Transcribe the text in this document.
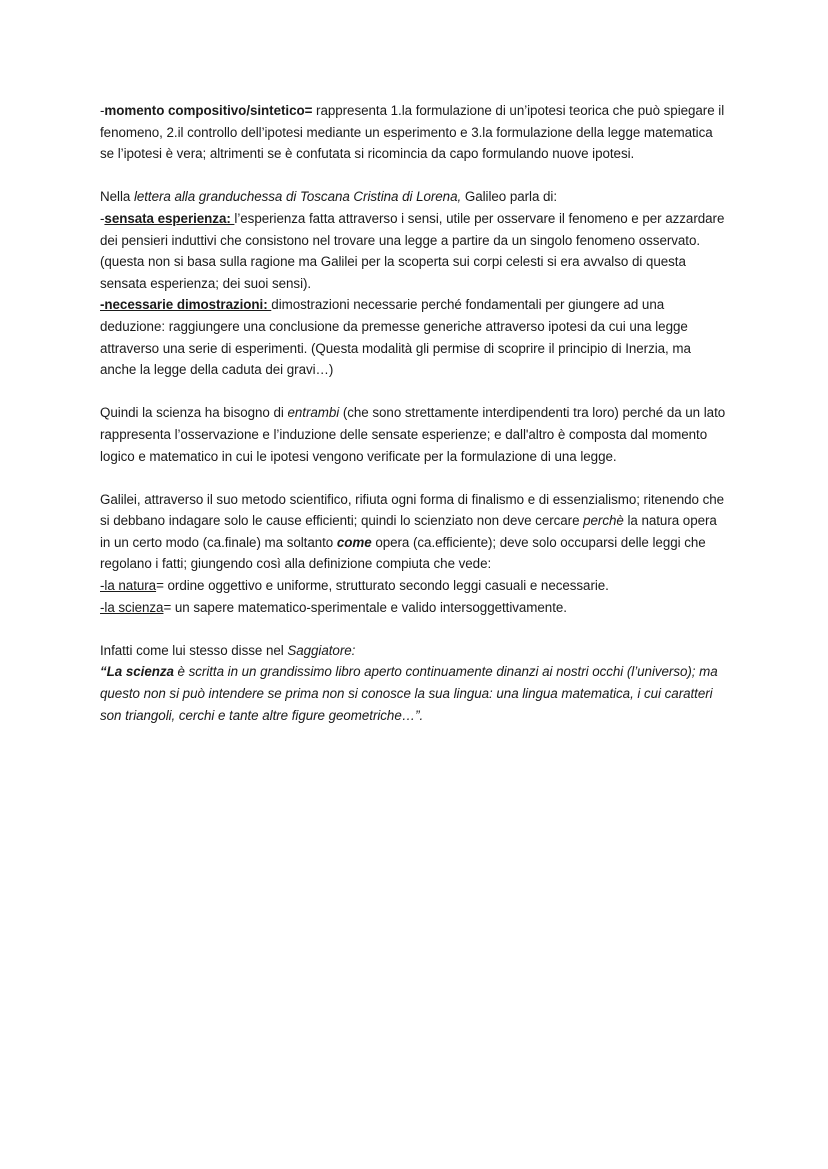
-momento compositivo/sintetico= rappresenta 1.la formulazione di un’ipotesi teorica che può spiegare il fenomeno, 2.il controllo dell’ipotesi mediante un esperimento e 3.la formulazione della legge matematica se l’ipotesi è vera; altrimenti se è confutata si ricomincia da capo formulando nuove ipotesi.

Nella lettera alla granduchessa di Toscana Cristina di Lorena, Galileo parla di:

-sensata esperienza: l’esperienza fatta attraverso i sensi, utile per osservare il fenomeno e per azzardare dei pensieri induttivi che consistono nel trovare una legge a partire da un singolo fenomeno osservato. (questa non si basa sulla ragione ma Galilei per la scoperta sui corpi celesti si era avvalso di questa sensata esperienza; dei suoi sensi).

-necessarie dimostrazioni: dimostrazioni necessarie perché fondamentali per giungere ad una deduzione: raggiungere una conclusione da premesse generiche attraverso ipotesi da cui una legge attraverso una serie di esperimenti. (Questa modalità gli permise di scoprire il principio di Inerzia, ma anche la legge della caduta dei gravi…)

Quindi la scienza ha bisogno di entrambi (che sono strettamente interdipendenti tra loro) perché da un lato rappresenta l’osservazione e l’induzione delle sensate esperienze; e dall'altro è composta dal momento logico e matematico in cui le ipotesi vengono verificate per la formulazione di una legge.

Galilei, attraverso il suo metodo scientifico, rifiuta ogni forma di finalismo e di essenzialismo; ritenendo che si debbano indagare solo le cause efficienti; quindi lo scienziato non deve cercare perchè la natura opera in un certo modo (ca.finale) ma soltanto come opera (ca.efficiente); deve solo occuparsi delle leggi che regolano i fatti; giungendo così alla definizione compiuta che vede:

-la natura= ordine oggettivo e uniforme, strutturato secondo leggi casuali e necessarie.

-la scienza= un sapere matematico-sperimentale e valido intersoggettivamente.

Infatti come lui stesso disse nel Saggiatore:

“La scienza è scritta in un grandissimo libro aperto continuamente dinanzi ai nostri occhi (l’universo); ma questo non si può intendere se prima non si conosce la sua lingua: una lingua matematica, i cui caratteri son triangoli, cerchi e tante altre figure geometriche…”.
